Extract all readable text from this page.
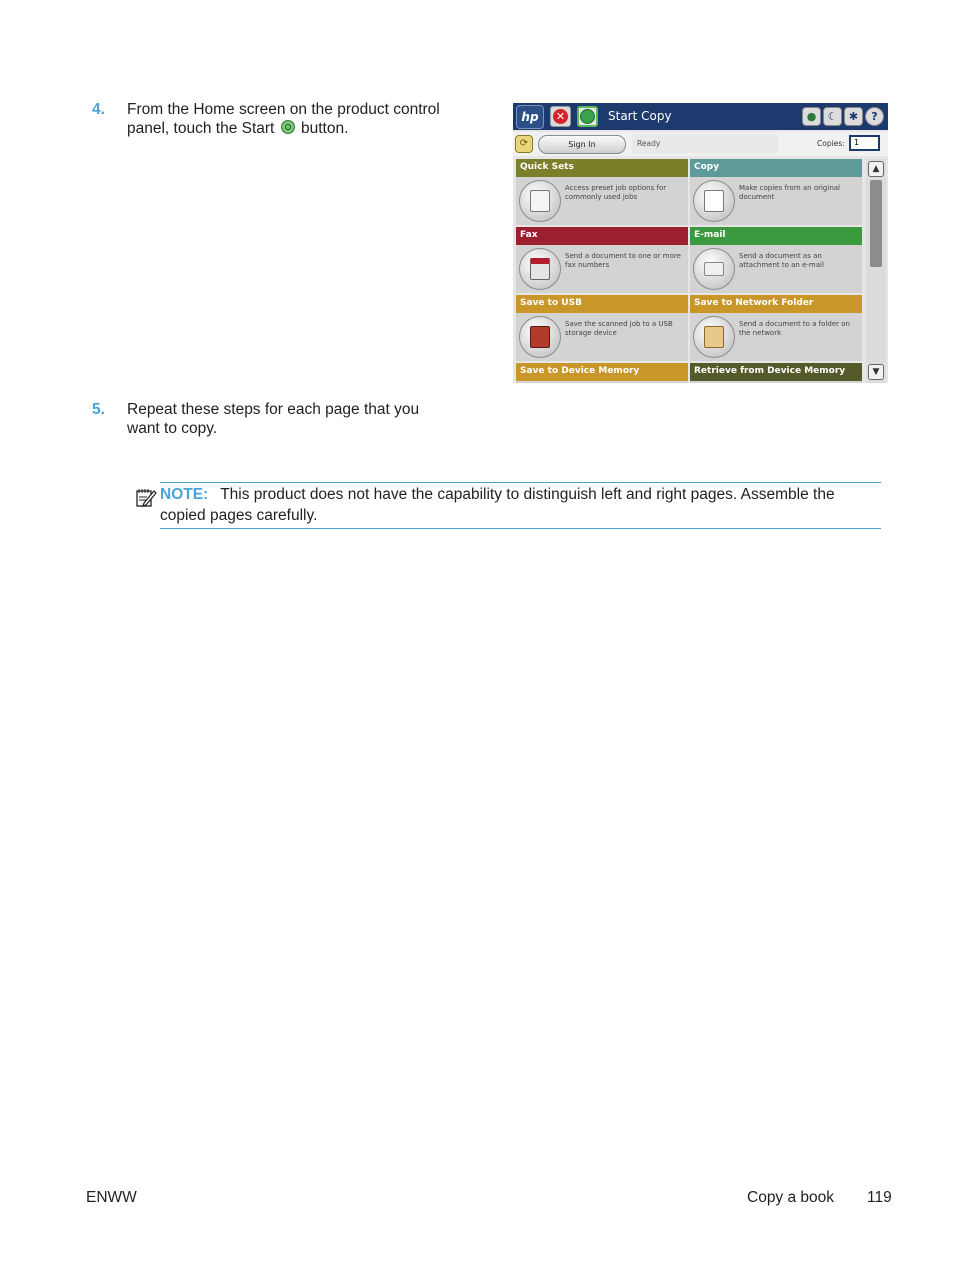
4. From the Home screen on the product control panel, touch the Start button.
hp	✕	Start Copy	●	☾	✱	?
⟳	Sign In	Ready	Copies:	1
Quick Sets
Access preset job options for commonly used jobs
Copy
Make copies from an original document
Fax
Send a document to one or more fax numbers
E-mail
Send a document as an attachment to an e-mail
Save to USB
Save the scanned job to a USB storage device
Save to Network Folder
Send a document to a folder on the network
Save to Device Memory	Retrieve from Device Memory
▲
▼
5. Repeat these steps for each page that you want to copy.
NOTE: This product does not have the capability to distinguish left and right pages. Assemble the copied pages carefully.
ENWW	Copy a book 119
